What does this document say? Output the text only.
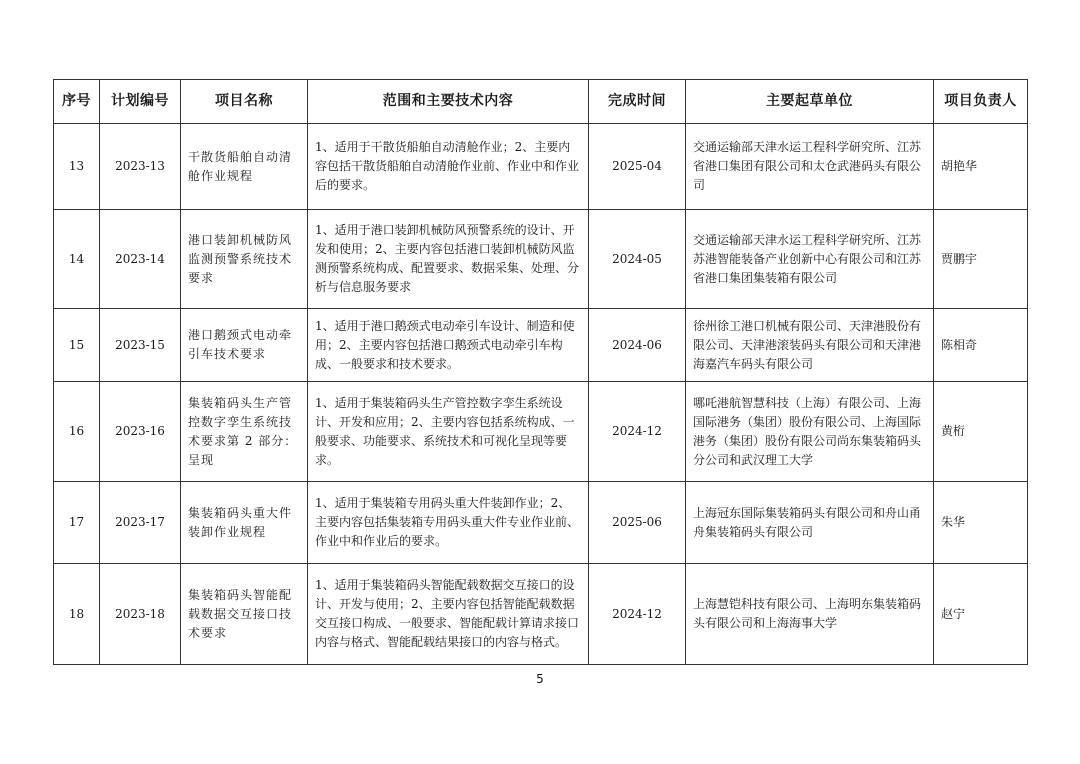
序号	计划编号	项目名称	范围和主要技术内容	完成时间	主要起草单位	项目负责人
13	2023-13	干散货船舶自动清舱作业规程	1、适用于干散货船舶自动清舱作业；2、主要内容包括干散货船舶自动清舱作业前、作业中和作业后的要求。	2025-04	交通运输部天津水运工程科学研究所、江苏省港口集团有限公司和太仓武港码头有限公司	胡艳华
14	2023-14	港口装卸机械防风监测预警系统技术要求	1、适用于港口装卸机械防风预警系统的设计、开发和使用；2、主要内容包括港口装卸机械防风监测预警系统构成、配置要求、数据采集、处理、分析与信息服务要求	2024-05	交通运输部天津水运工程科学研究所、江苏苏港智能装备产业创新中心有限公司和江苏省港口集团集装箱有限公司	贾鹏宇
15	2023-15	港口鹅颈式电动牵引车技术要求	1、适用于港口鹅颈式电动牵引车设计、制造和使用；2、主要内容包括港口鹅颈式电动牵引车构成、一般要求和技术要求。	2024-06	徐州徐工港口机械有限公司、天津港股份有限公司、天津港滚装码头有限公司和天津港海嘉汽车码头有限公司	陈相奇
16	2023-16	集装箱码头生产管控数字孪生系统技术要求第 2 部分：呈现	1、适用于集装箱码头生产管控数字孪生系统设计、开发和应用；2、主要内容包括系统构成、一般要求、功能要求、系统技术和可视化呈现等要求。	2024-12	哪吒港航智慧科技（上海）有限公司、上海国际港务（集团）股份有限公司、上海国际港务（集团）股份有限公司尚东集装箱码头分公司和武汉理工大学	黄桁
17	2023-17	集装箱码头重大件装卸作业规程	1、适用于集装箱专用码头重大件装卸作业；2、主要内容包括集装箱专用码头重大件专业作业前、作业中和作业后的要求。	2025-06	上海冠东国际集装箱码头有限公司和舟山甬舟集装箱码头有限公司	朱华
18	2023-18	集装箱码头智能配载数据交互接口技术要求	1、适用于集装箱码头智能配载数据交互接口的设计、开发与使用；2、主要内容包括智能配载数据交互接口构成、一般要求、智能配载计算请求接口内容与格式、智能配载结果接口的内容与格式。	2024-12	上海慧铠科技有限公司、上海明东集装箱码头有限公司和上海海事大学	赵宁
5
